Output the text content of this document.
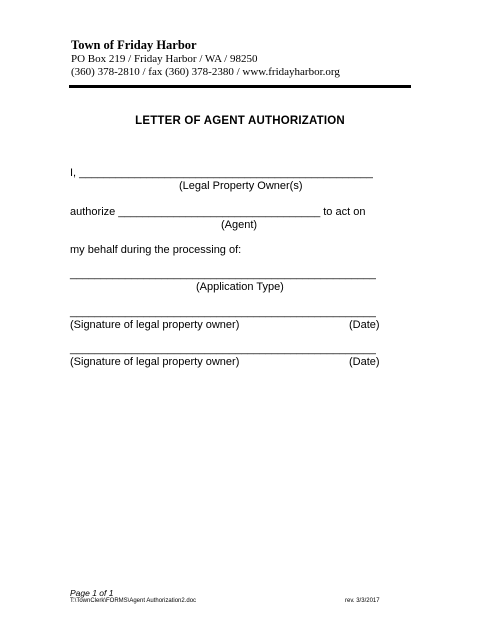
Town of Friday Harbor
PO Box 219 / Friday Harbor / WA / 98250
(360) 378-2810 / fax (360) 378-2380 / www.fridayharbor.org
LETTER OF AGENT AUTHORIZATION
I, ________________________________________________
(Legal Property Owner(s)
authorize _________________________________ to act on
(Agent)
my behalf during the processing of:
__________________________________________________
(Application Type)
__________________________________________________
(Signature of legal property owner)	(Date)
__________________________________________________
(Signature of legal property owner)	(Date)
Page 1 of 1
T:\TownClerk\FORMS\Agent Authorization2.doc	rev. 3/3/2017
